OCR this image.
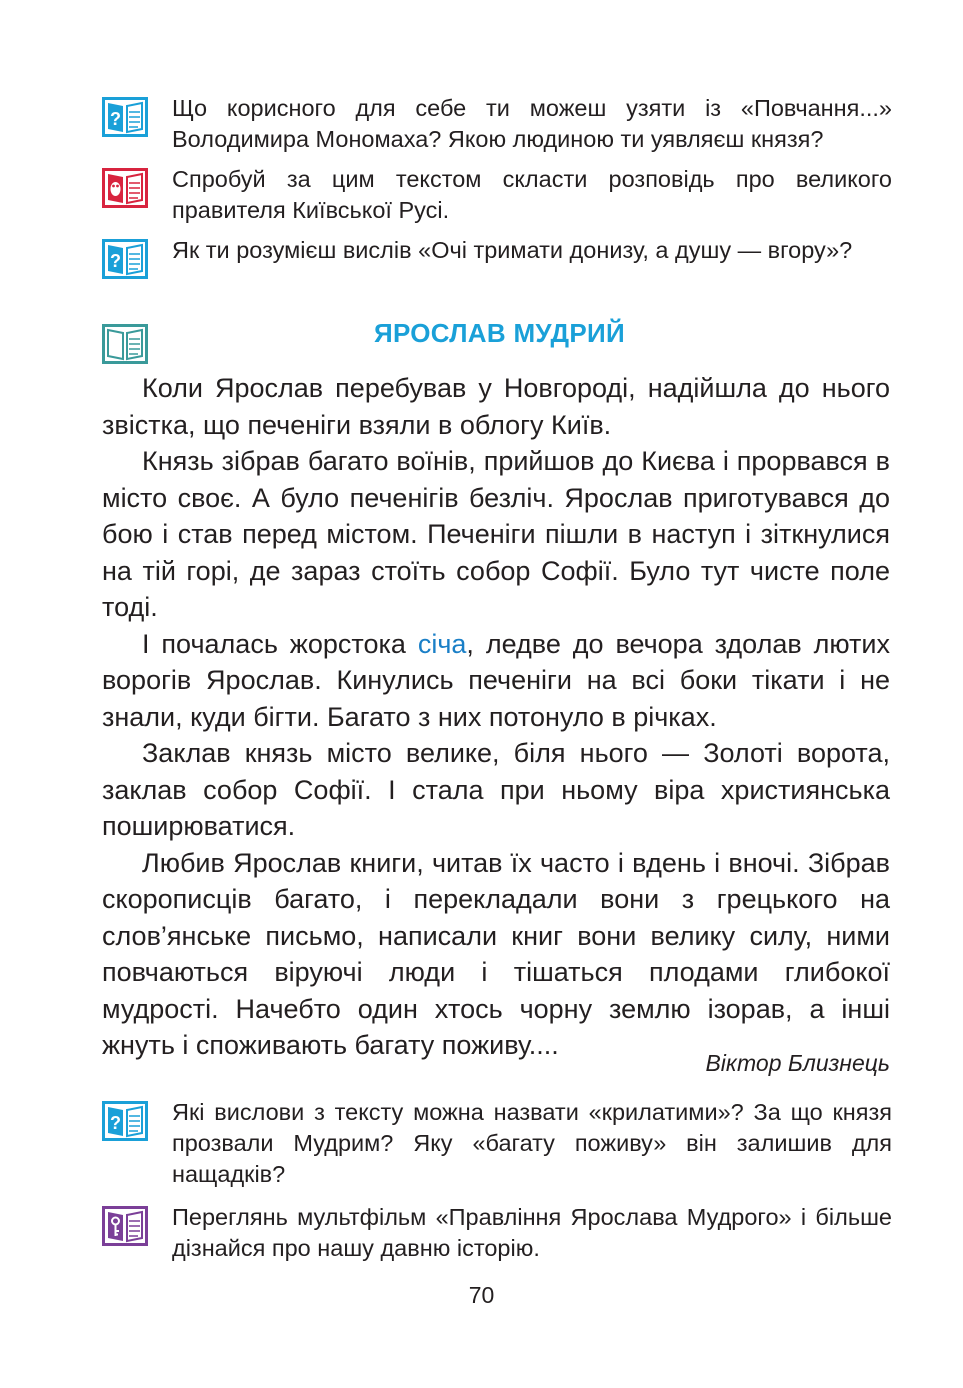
? Що корисного для себе ти можеш узяти із «Повчання...» Володимира Мономаха? Якою людиною ти уявляєш князя?
Спробуй за цим текстом скласти розповідь про великого правителя Київської Русі.
? Як ти розумієш вислів «Очі тримати донизу, а душу — вгору»?
ЯРОСЛАВ МУДРИЙ

Коли Ярослав перебував у Новгороді, надійшла до нього звістка, що печеніги взяли в облогу Київ.

Князь зібрав багато воїнів, прийшов до Києва і прорвався в місто своє. А було печенігів безліч. Ярослав приготувався до бою і став перед містом. Печеніги пішли в наступ і зіткнулися на тій горі, де зараз стоїть собор Софії. Було тут чисте поле тоді.

І почалась жорстока січа, ледве до вечора здолав лютих ворогів Ярослав. Кинулись печеніги на всі боки тікати і не знали, куди бігти. Багато з них потонуло в річках.

Заклав князь місто велике, біля нього — Золоті ворота, заклав собор Софії. І стала при ньому віра християнська поширюватися.

Любив Ярослав книги, читав їх часто і вдень і вночі. Зібрав скорописців багато, і перекладали вони з грецького на слов’янське письмо, написали книг вони велику силу, ними повчаються віруючі люди і тішаться плодами глибокої мудрості. Начебто один хтось чорну землю ізорав, а інші жнуть і споживають багату поживу....

Віктор Близнець
? Які вислови з тексту можна назвати «крилатими»? За що князя прозвали Мудрим? Яку «багату поживу» він залишив для нащадків?
Переглянь мультфільм «Правління Ярослава Мудрого» і більше дізнайся про нашу давню історію.
70
